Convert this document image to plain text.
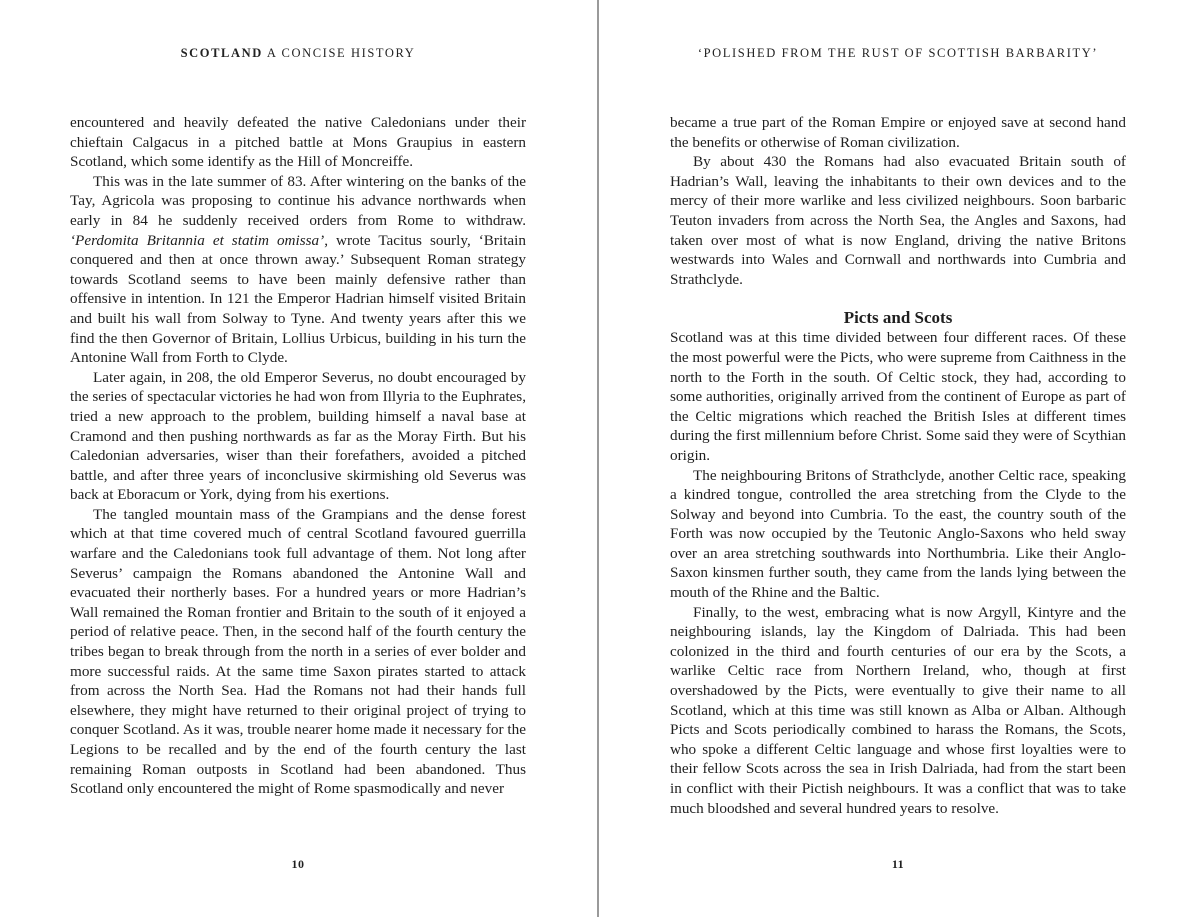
SCOTLAND A CONCISE HISTORY

encountered and heavily defeated the native Caledonians under their chieftain Calgacus in a pitched battle at Mons Graupius in eastern Scotland, which some identify as the Hill of Moncreiffe.

This was in the late summer of 83. After wintering on the banks of the Tay, Agricola was proposing to continue his advance northwards when early in 84 he suddenly received orders from Rome to withdraw. ‘Perdomita Britannia et statim omissa’, wrote Tacitus sourly, ‘Britain conquered and then at once thrown away.’ Subsequent Roman strategy towards Scotland seems to have been mainly defensive rather than offensive in intention. In 121 the Emperor Hadrian himself visited Britain and built his wall from Solway to Tyne. And twenty years after this we find the then Governor of Britain, Lollius Urbicus, building in his turn the Antonine Wall from Forth to Clyde.

Later again, in 208, the old Emperor Severus, no doubt encouraged by the series of spectacular victories he had won from Illyria to the Euphrates, tried a new approach to the problem, building himself a naval base at Cramond and then pushing northwards as far as the Moray Firth. But his Caledonian adversaries, wiser than their forefathers, avoided a pitched battle, and after three years of inconclusive skirmishing old Severus was back at Eboracum or York, dying from his exertions.

The tangled mountain mass of the Grampians and the dense forest which at that time covered much of central Scotland favoured guerrilla warfare and the Caledonians took full advantage of them. Not long after Severus’ campaign the Romans abandoned the Antonine Wall and evacuated their northerly bases. For a hundred years or more Hadrian’s Wall remained the Roman frontier and Britain to the south of it enjoyed a period of relative peace. Then, in the second half of the fourth century the tribes began to break through from the north in a series of ever bolder and more successful raids. At the same time Saxon pirates started to attack from across the North Sea. Had the Romans not had their hands full elsewhere, they might have returned to their original project of trying to conquer Scotland. As it was, trouble nearer home made it necessary for the Legions to be recalled and by the end of the fourth century the last remaining Roman outposts in Scotland had been abandoned. Thus Scotland only encountered the might of Rome spasmodically and never

10
‘POLISHED FROM THE RUST OF SCOTTISH BARBARITY’

became a true part of the Roman Empire or enjoyed save at second hand the benefits or otherwise of Roman civilization.

By about 430 the Romans had also evacuated Britain south of Hadrian’s Wall, leaving the inhabitants to their own devices and to the mercy of their more warlike and less civilized neighbours. Soon barbaric Teuton invaders from across the North Sea, the Angles and Saxons, had taken over most of what is now England, driving the native Britons westwards into Wales and Cornwall and northwards into Cumbria and Strathclyde.

Picts and Scots

Scotland was at this time divided between four different races. Of these the most powerful were the Picts, who were supreme from Caithness in the north to the Forth in the south. Of Celtic stock, they had, according to some authorities, originally arrived from the continent of Europe as part of the Celtic migrations which reached the British Isles at different times during the first millennium before Christ. Some said they were of Scythian origin.

The neighbouring Britons of Strathclyde, another Celtic race, speaking a kindred tongue, controlled the area stretching from the Clyde to the Solway and beyond into Cumbria. To the east, the country south of the Forth was now occupied by the Teutonic Anglo-Saxons who held sway over an area stretching southwards into Northumbria. Like their Anglo-Saxon kinsmen further south, they came from the lands lying between the mouth of the Rhine and the Baltic.

Finally, to the west, embracing what is now Argyll, Kintyre and the neighbouring islands, lay the Kingdom of Dalriada. This had been colonized in the third and fourth centuries of our era by the Scots, a warlike Celtic race from Northern Ireland, who, though at first overshadowed by the Picts, were eventually to give their name to all Scotland, which at this time was still known as Alba or Alban. Although Picts and Scots periodically combined to harass the Romans, the Scots, who spoke a different Celtic language and whose first loyalties were to their fellow Scots across the sea in Irish Dalriada, had from the start been in conflict with their Pictish neighbours. It was a conflict that was to take much bloodshed and several hundred years to resolve.

11
